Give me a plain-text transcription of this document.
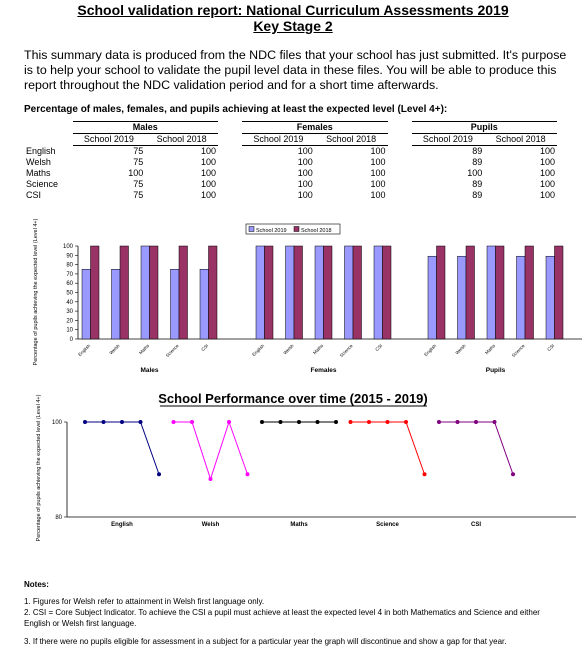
School validation report: National Curriculum Assessments 2019
Key Stage 2
This summary data is produced from the NDC files that your school has just submitted. It's purpose is to help your school to validate the pupil level data in these files. You will be able to produce this report throughout the NDC validation period and for a short time afterwards.
Percentage of males, females, and pupils achieving at least the expected level (Level 4+):
	Males			Females			Pupils	
	School 2019	School 2018		School 2019	School 2018		School 2019	School 2018
English	75	100		100	100		89	100
Welsh	75	100		100	100		89	100
Maths	100	100		100	100		100	100
Science	75	100		100	100		89	100
CSI	75	100		100	100		89	100
School 2019	School 2018
0
10
20
30
40
50
60
70
80
90
100
Percentage of pupils achieving the expected level (Level 4+)	English	Welsh	Maths	Science	CSI
Males
English	Welsh	Maths	Science	CSI
Females
English	Welsh	Maths	Science	CSI
Pupils
School Performance over time (2015 - 2019)
80
100
Percentage of pupils achieving the expected level (Level 4+)	English	Welsh	Maths	Science	CSI

Notes:

1. Figures for Welsh refer to attainment in Welsh first language only.

2. CSI = Core Subject Indicator. To achieve the CSI a pupil must achieve at least the expected level 4 in both Mathematics and Science and either English or Welsh first language.

3. If there were no pupils eligible for assessment in a subject for a particular year the graph will discontinue and show a gap for that year.
